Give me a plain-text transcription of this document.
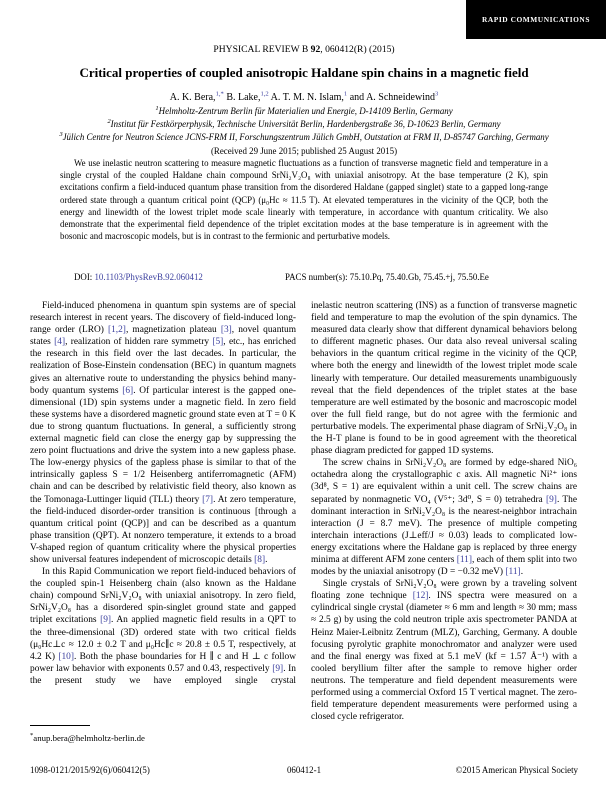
RAPID COMMUNICATIONS
PHYSICAL REVIEW B 92, 060412(R) (2015)
Critical properties of coupled anisotropic Haldane spin chains in a magnetic field
A. K. Bera,$^{1,*}$ B. Lake,$^{1,2}$ A. T. M. N. Islam,$^1$ and A. Schneidewind$^3$
$^1$Helmholtz-Zentrum Berlin für Materialien und Energie, D-14109 Berlin, Germany
$^2$Institut für Festkörperphysik, Technische Universität Berlin, Hardenbergstraße 36, D-10623 Berlin, Germany
$^3$Jülich Centre for Neutron Science JCNS-FRM II, Forschungszentrum Jülich GmbH, Outstation at FRM II, D-85747 Garching, Germany
(Received 29 June 2015; published 25 August 2015)
We use inelastic neutron scattering to measure magnetic fluctuations as a function of transverse magnetic field and temperature in a single crystal of the coupled Haldane chain compound SrNi₂V₂O₈ with uniaxial anisotropy. At the base temperature (2 K), spin excitations confirm a field-induced quantum phase transition from the disordered Haldane (gapped singlet) state to a gapped long-range ordered state through a quantum critical point (QCP) (μ₀Hc ≈ 11.5 T). At elevated temperatures in the vicinity of the QCP, both the energy and linewidth of the lowest triplet mode scale linearly with temperature, in accordance with quantum criticality. We also demonstrate that the experimental field dependence of the triplet excitation modes at the base temperature is in agreement with the bosonic and macroscopic models, but is in contrast to the fermionic and perturbative models.
DOI: 10.1103/PhysRevB.92.060412	PACS number(s): 75.10.Pq, 75.40.Gb, 75.45.+j, 75.50.Ee

Field-induced phenomena in quantum spin systems are of special research interest in recent years. The discovery of field-induced long-range order (LRO) [1,2], magnetization plateau [3], novel quantum states [4], realization of hidden rare symmetry [5], etc., has enriched the research in this field over the last decades. In particular, the realization of Bose-Einstein condensation (BEC) in quantum magnets gives an alternative route to understanding the physics behind many-body quantum systems [6]. Of particular interest is the gapped one-dimensional (1D) spin systems under a magnetic field. In zero field these systems have a disordered magnetic ground state even at T = 0 K due to strong quantum fluctuations. In general, a sufficiently strong external magnetic field can close the energy gap by suppressing the zero point fluctuations and drive the system into a new gapless phase. The low-energy physics of the gapless phase is similar to that of the intrinsically gapless S = 1/2 Heisenberg antiferromagnetic (AFM) chain and can be described by relativistic field theory, also known as the Tomonaga-Luttinger liquid (TLL) theory [7]. At zero temperature, the field-induced disorder-order transition is continuous [through a quantum critical point (QCP)] and can be described as a quantum phase transition (QPT). At nonzero temperature, it extends to a broad V-shaped region of quantum criticality where the physical properties show universal features independent of microscopic details [8].

In this Rapid Communication we report field-induced behaviors of the coupled spin-1 Heisenberg chain (also known as the Haldane chain) compound SrNi₂V₂O₈ with uniaxial anisotropy. In zero field, SrNi₂V₂O₈ has a disordered spin-singlet ground state and gapped triplet excitations [9]. An applied magnetic field results in a QPT to the three-dimensional (3D) ordered state with two critical fields (μ₀Hc⊥c ≈ 12.0 ± 0.2 T and μ₀Hc∥c ≈ 20.8 ± 0.5 T, respectively, at 4.2 K) [10]. Both the phase boundaries for H ∥ c and H ⊥ c follow power law behavior with exponents 0.57 and 0.43, respectively [9]. In the present study we have employed single crystal

inelastic neutron scattering (INS) as a function of transverse magnetic field and temperature to map the evolution of the spin dynamics. The measured data clearly show that different dynamical behaviors belong to different magnetic phases. Our data also reveal universal scaling behaviors in the quantum critical regime in the vicinity of the QCP, where both the energy and linewidth of the lowest triplet mode scale linearly with temperature. Our detailed measurements unambiguously reveal that the field dependences of the triplet states at the base temperature are well estimated by the bosonic and macroscopic model over the full field range, but do not agree with the fermionic and perturbative models. The experimental phase diagram of SrNi₂V₂O₈ in the H-T plane is found to be in good agreement with the theoretical phase diagram predicted for gapped 1D systems.

The screw chains in SrNi₂V₂O₈ are formed by edge-shared NiO₆ octahedra along the crystallographic c axis. All magnetic Ni²⁺ ions (3d⁸, S = 1) are equivalent within a unit cell. The screw chains are separated by nonmagnetic VO₄ (V⁵⁺; 3d⁰, S = 0) tetrahedra [9]. The dominant interaction in SrNi₂V₂O₈ is the nearest-neighbor intrachain interaction (J = 8.7 meV). The presence of multiple competing interchain interactions (J⊥eff/J ≈ 0.03) leads to complicated low-energy excitations where the Haldane gap is replaced by three energy minima at different AFM zone centers [11], each of them split into two modes by the uniaxial anisotropy (D = −0.32 meV) [11].

Single crystals of SrNi₂V₂O₈ were grown by a traveling solvent floating zone technique [12]. INS spectra were measured on a cylindrical single crystal (diameter ≈ 6 mm and length ≈ 30 mm; mass ≈ 2.5 g) by using the cold neutron triple axis spectrometer PANDA at Heinz Maier-Leibnitz Zentrum (MLZ), Garching, Germany. A double focusing pyrolytic graphite monochromator and analyzer were used and the final energy was fixed at 5.1 meV (kf = 1.57 Å⁻¹) with a cooled beryllium filter after the sample to remove higher order neutrons. The temperature and field dependent measurements were performed using a commercial Oxford 15 T vertical magnet. The zero-field temperature dependent measurements were performed using a closed cycle refrigerator.

*anup.bera@helmholtz-berlin.de
1098-0121/2015/92(6)/060412(5)	060412-1	©2015 American Physical Society
